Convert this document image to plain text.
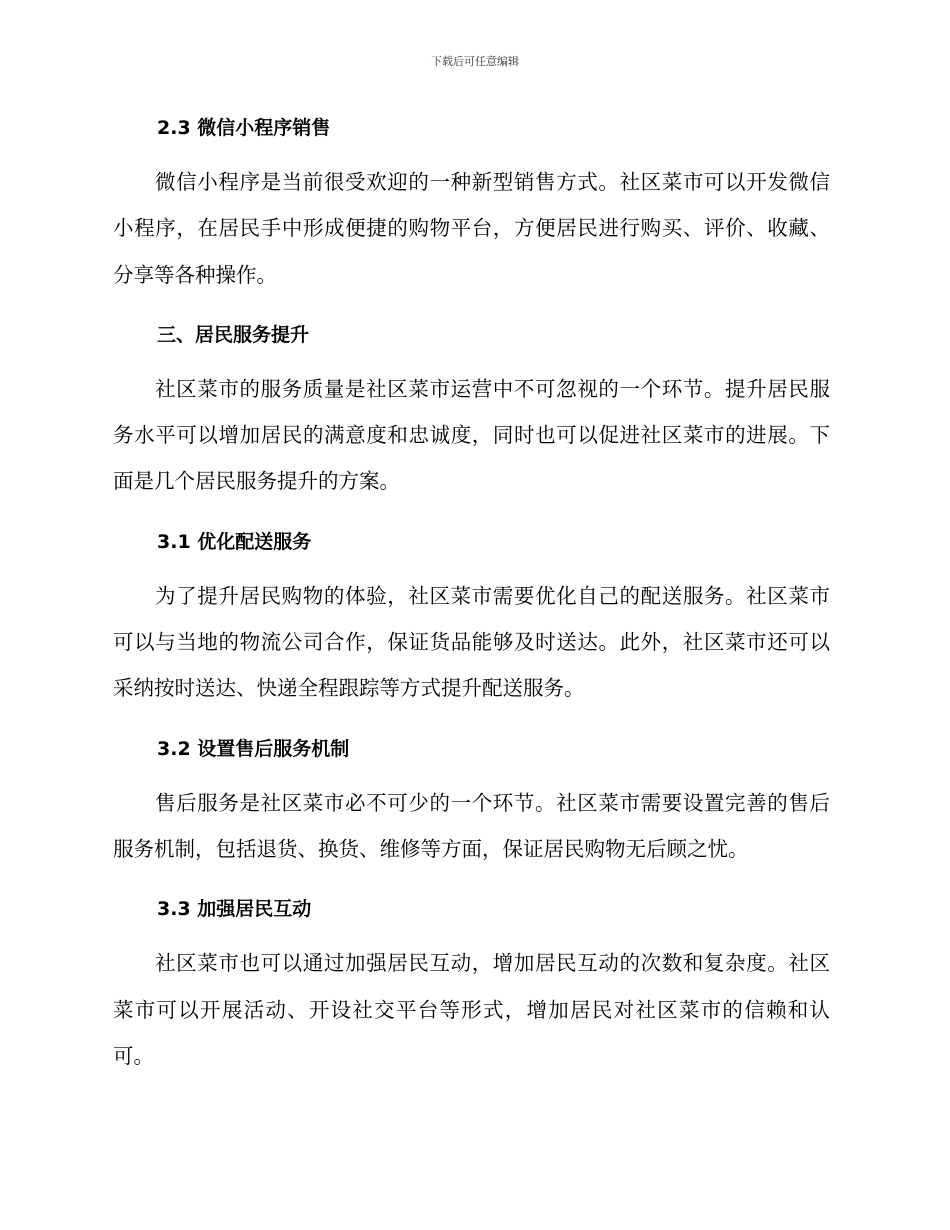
下载后可任意编辑
2.3 微信小程序销售

微信小程序是当前很受欢迎的一种新型销售方式。社区菜市可以开发微信小程序，在居民手中形成便捷的购物平台，方便居民进行购买、评价、收藏、分享等各种操作。

三、居民服务提升

社区菜市的服务质量是社区菜市运营中不可忽视的一个环节。提升居民服务水平可以增加居民的满意度和忠诚度，同时也可以促进社区菜市的进展。下面是几个居民服务提升的方案。

3.1 优化配送服务

为了提升居民购物的体验，社区菜市需要优化自己的配送服务。社区菜市可以与当地的物流公司合作，保证货品能够及时送达。此外，社区菜市还可以采纳按时送达、快递全程跟踪等方式提升配送服务。

3.2 设置售后服务机制

售后服务是社区菜市必不可少的一个环节。社区菜市需要设置完善的售后服务机制，包括退货、换货、维修等方面，保证居民购物无后顾之忧。

3.3 加强居民互动

社区菜市也可以通过加强居民互动，增加居民互动的次数和复杂度。社区菜市可以开展活动、开设社交平台等形式，增加居民对社区菜市的信赖和认可。
